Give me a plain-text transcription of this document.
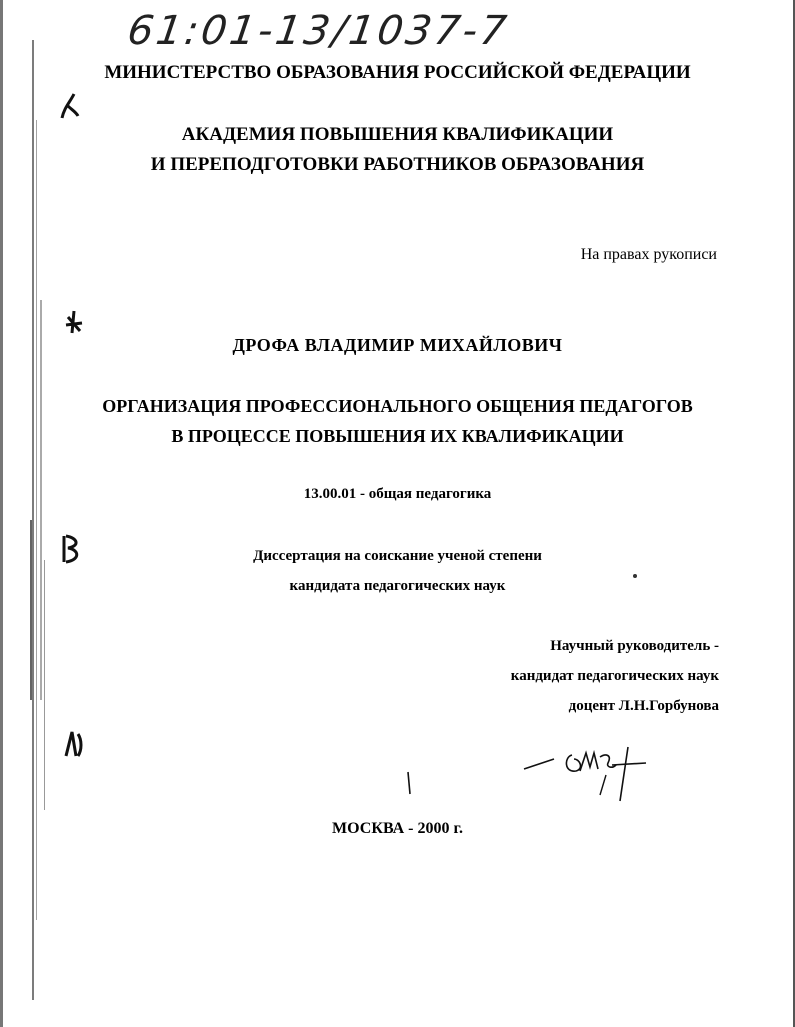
61:01-13/1037-7

МИНИСТЕРСТВО ОБРАЗОВАНИЯ РОССИЙСКОЙ ФЕДЕРАЦИИ

АКАДЕМИЯ ПОВЫШЕНИЯ КВАЛИФИКАЦИИ

И ПЕРЕПОДГОТОВКИ РАБОТНИКОВ ОБРАЗОВАНИЯ

На правах рукописи

ДРОФА ВЛАДИМИР МИХАЙЛОВИЧ

ОРГАНИЗАЦИЯ ПРОФЕССИОНАЛЬНОГО ОБЩЕНИЯ ПЕДАГОГОВ

В ПРОЦЕССЕ ПОВЫШЕНИЯ ИХ КВАЛИФИКАЦИИ

13.00.01 - общая педагогика

Диссертация на соискание ученой степени

кандидата педагогических наук

Научный руководитель -

кандидат педагогических наук

доцент Л.Н.Горбунова

МОСКВА - 2000 г.
